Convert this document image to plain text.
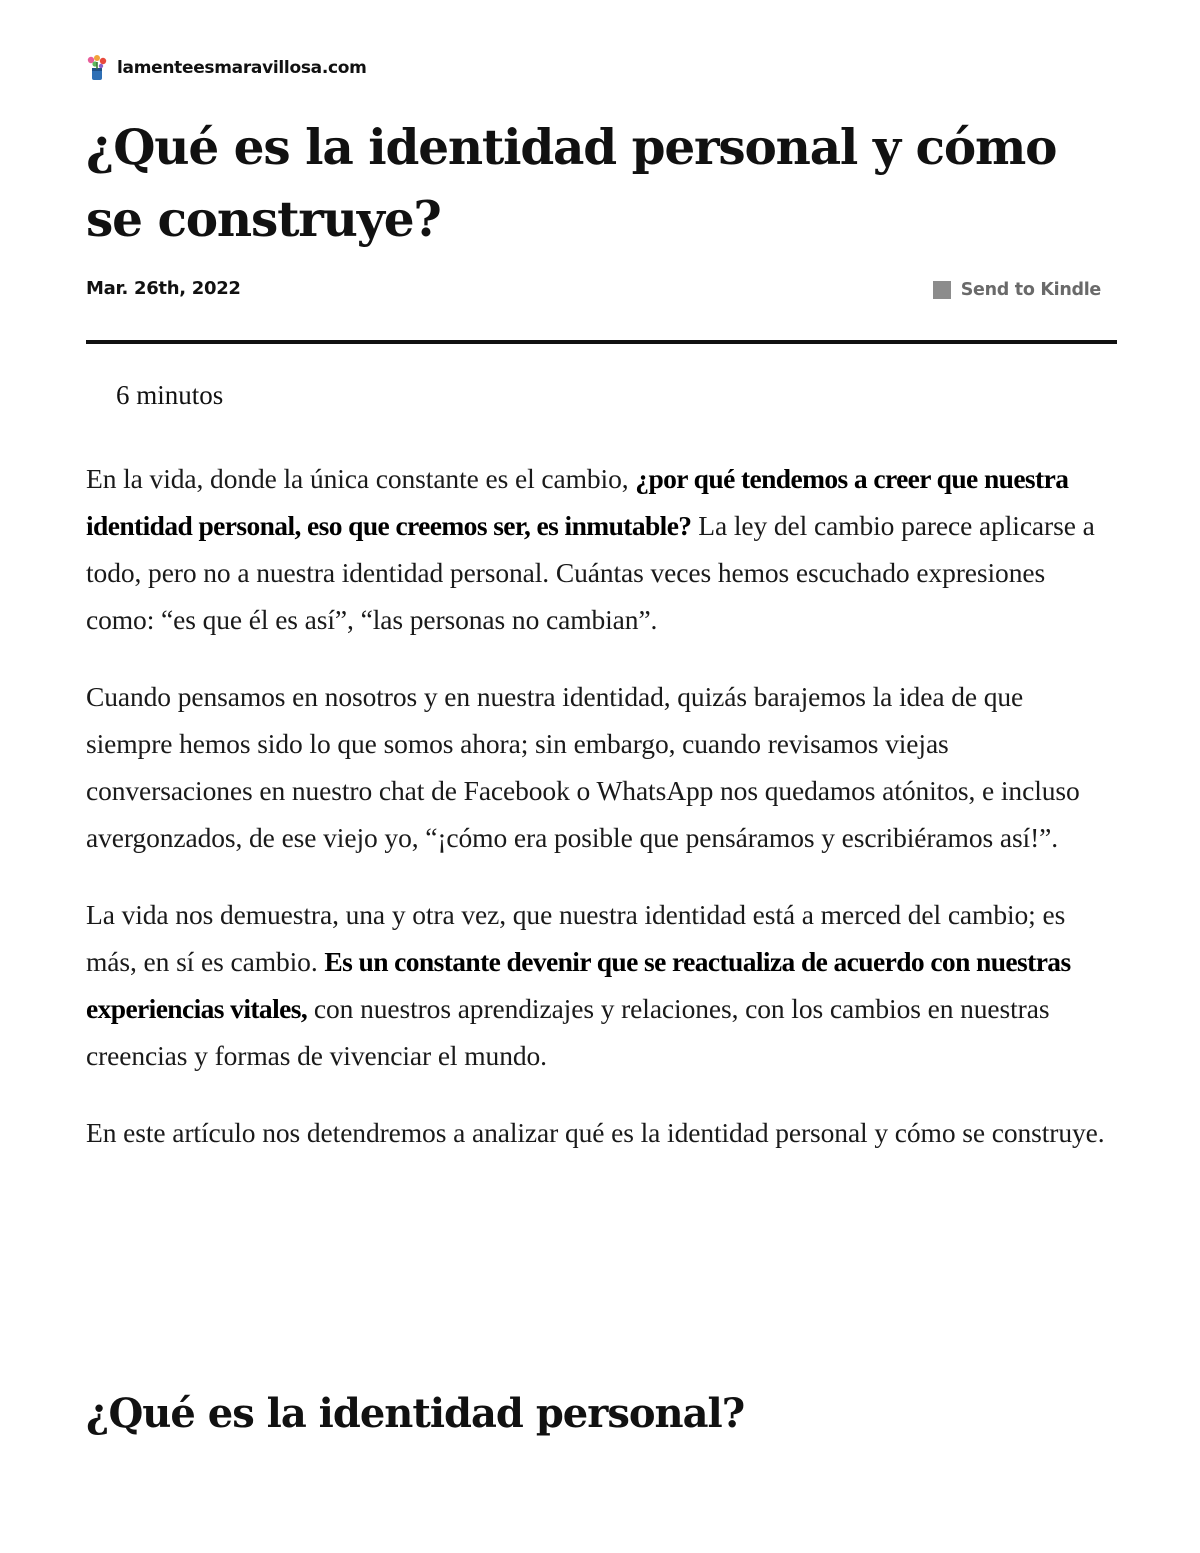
lamenteesmaravillosa.com
¿Qué es la identidad personal y cómo se construye?
Mar. 26th, 2022	Send to Kindle

6 minutos

En la vida, donde la única constante es el cambio, ¿por qué tendemos a creer que nuestra identidad personal, eso que creemos ser, es inmutable? La ley del cambio parece aplicarse a todo, pero no a nuestra identidad personal. Cuántas veces hemos escuchado expresiones como: “es que él es así”, “las personas no cambian”.

Cuando pensamos en nosotros y en nuestra identidad, quizás barajemos la idea de que siempre hemos sido lo que somos ahora; sin embargo, cuando revisamos viejas conversaciones en nuestro chat de Facebook o WhatsApp nos quedamos atónitos, e incluso avergonzados, de ese viejo yo, “¡cómo era posible que pensáramos y escribiéramos así!”.

La vida nos demuestra, una y otra vez, que nuestra identidad está a merced del cambio; es más, en sí es cambio. Es un constante devenir que se reactualiza de acuerdo con nuestras experiencias vitales, con nuestros aprendizajes y relaciones, con los cambios en nuestras creencias y formas de vivenciar el mundo.

En este artículo nos detendremos a analizar qué es la identidad personal y cómo se construye.

¿Qué es la identidad personal?
